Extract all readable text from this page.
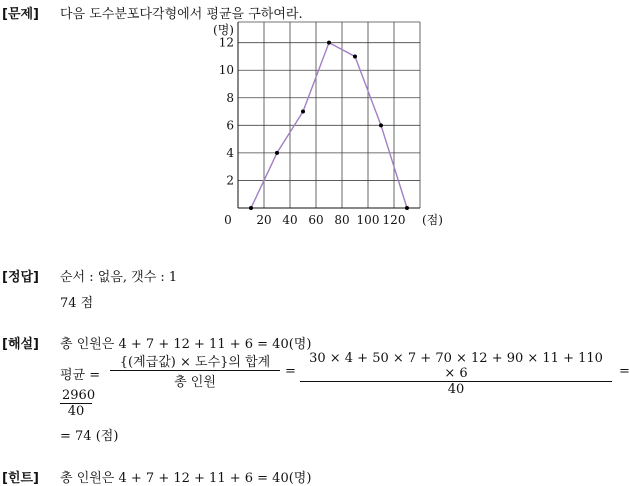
[문제] 다음 도수분포다각형에서 평균을 구하여라.
2
4
6
8
10
12
(명)
0 20 40 60 80 100 120 (점)
[정답] 순서 : 없음, 갯수 : 1
74 점
[해설] 총 인원은 4 + 7 + 12 + 11 + 6 = 40(명)
평균 =
{(계급값) × 도수}의 합계
총 인원
=
30 × 4 + 50 × 7 + 70 × 12 + 90 × 11 + 110 × 6
40
=
2960
40
= 74 (점)
[힌트] 총 인원은 4 + 7 + 12 + 11 + 6 = 40(명)
